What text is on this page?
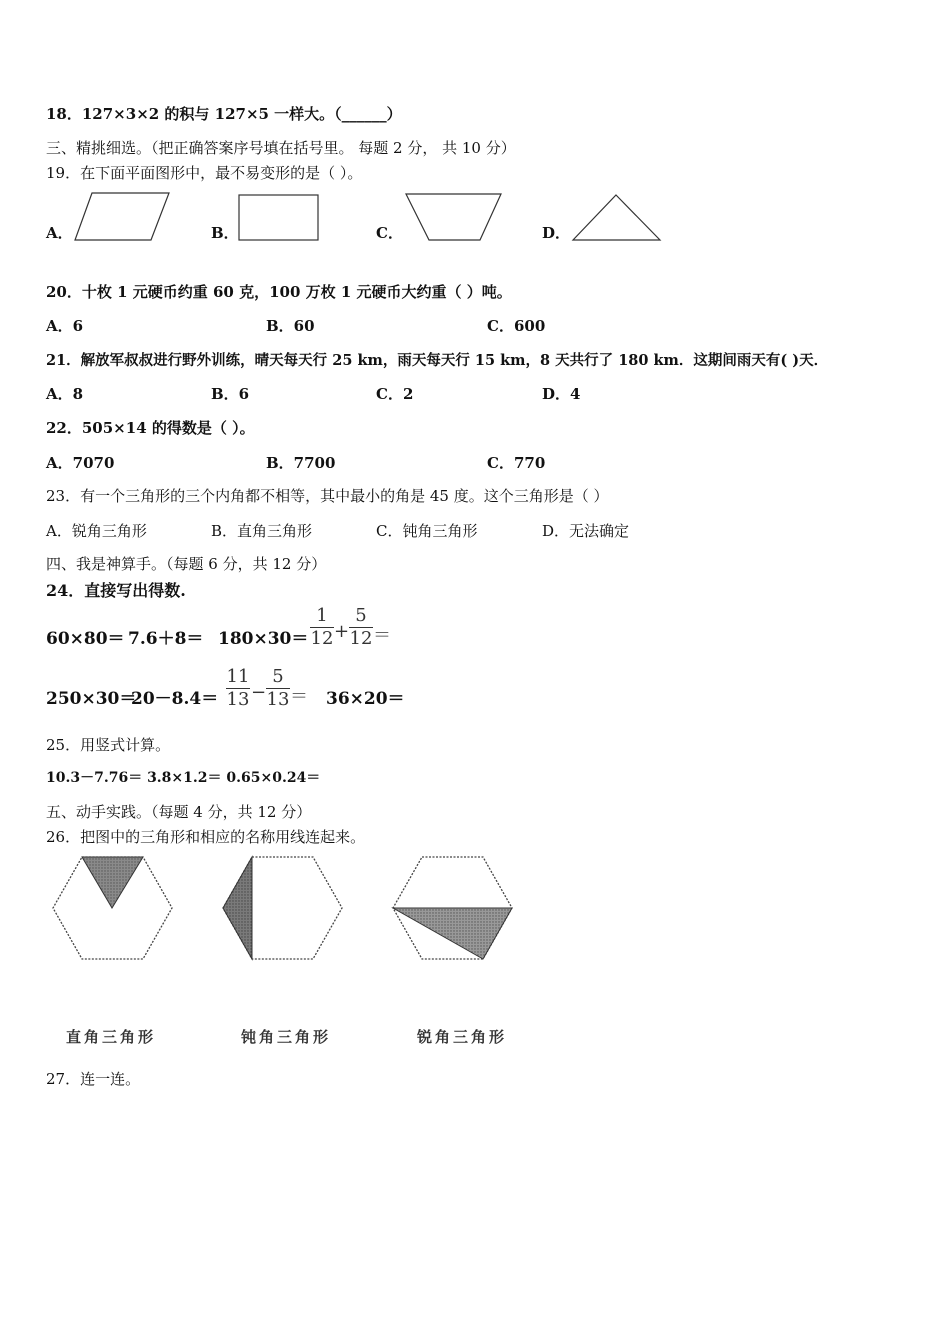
18．127×3×2 的积与 127×5 一样大。（______）
三、精挑细选。（把正确答案序号填在括号里。 每题 2 分， 共 10 分）
19．在下面平面图形中，最不易变形的是（ ）。
A．	B．	C．	D．
20．十枚 1 元硬币约重 60 克，100 万枚 1 元硬币大约重（ ）吨。
A．6	B．60	C．600
21．解放军叔叔进行野外训练，晴天每天行 25 km，雨天每天行 15 km，8 天共行了 180 km．这期间雨天有( )天．
A．8	B．6	C．2	D．4
22．505×14 的得数是（ ）。
A．7070	B．7700	C．770
23．有一个三角形的三个内角都不相等，其中最小的角是 45 度。这个三角形是（ ）
A．锐角三角形	B．直角三角形	C．钝角三角形	D．无法确定
四、我是神算手。（每题 6 分，共 12 分）
24．直接写出得数.
60×80＝ 7.6＋8＝ 180×30＝
1
12 +
5
12 ＝
250×30＝
20－8.4＝
11
13 −
5
13 ＝ 36×20＝
25．用竖式计算。
10.3－7.76＝ 3.8×1.2＝ 0.65×0.24＝
五、动手实践。（每题 4 分，共 12 分）
26．把图中的三角形和相应的名称用线连起来。
直角三角形	钝角三角形	锐角三角形
27．连一连。
